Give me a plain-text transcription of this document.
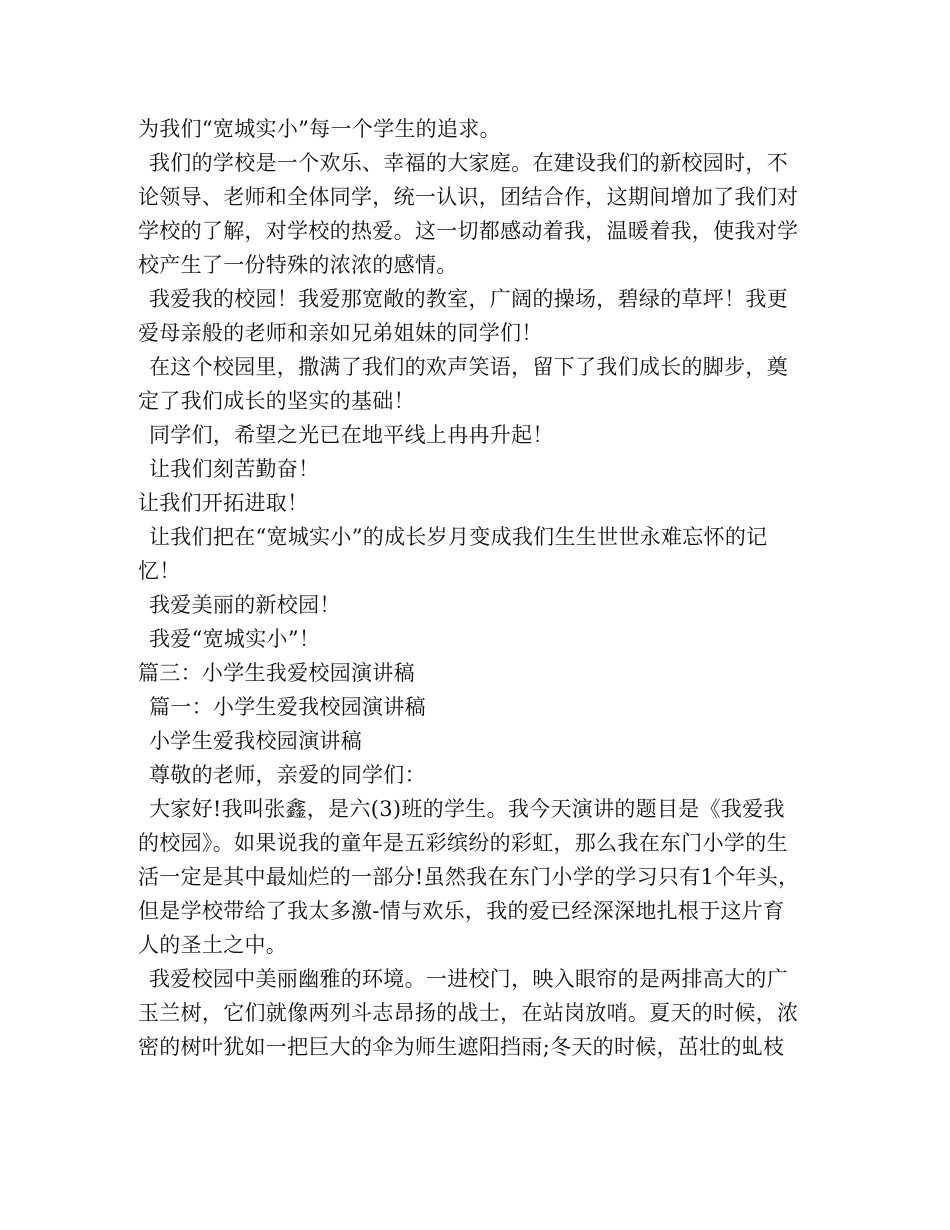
为我们“宽城实小”每一个学生的追求。
我们的学校是一个欢乐、幸福的大家庭。在建设我们的新校园时，不
论领导、老师和全体同学，统一认识，团结合作，这期间增加了我们对
学校的了解，对学校的热爱。这一切都感动着我，温暖着我，使我对学
校产生了一份特殊的浓浓的感情。
我爱我的校园！我爱那宽敞的教室，广阔的操场，碧绿的草坪！我更
爱母亲般的老师和亲如兄弟姐妹的同学们！
在这个校园里，撒满了我们的欢声笑语，留下了我们成长的脚步，奠
定了我们成长的坚实的基础！
同学们，希望之光已在地平线上冉冉升起！
让我们刻苦勤奋！
让我们开拓进取！
让我们把在“宽城实小”的成长岁月变成我们生生世世永难忘怀的记
忆！
我爱美丽的新校园！
我爱“宽城实小”！
篇三：小学生我爱校园演讲稿
篇一：小学生爱我校园演讲稿
小学生爱我校园演讲稿
尊敬的老师，亲爱的同学们：
大家好!我叫张鑫，是六(3)班的学生。我今天演讲的题目是《我爱我
的校园》。如果说我的童年是五彩缤纷的彩虹，那么我在东门小学的生
活一定是其中最灿烂的一部分!虽然我在东门小学的学习只有1个年头，
但是学校带给了我太多激-情与欢乐，我的爱已经深深地扎根于这片育
人的圣土之中。
我爱校园中美丽幽雅的环境。一进校门，映入眼帘的是两排高大的广
玉兰树，它们就像两列斗志昂扬的战士，在站岗放哨。夏天的时候，浓
密的树叶犹如一把巨大的伞为师生遮阳挡雨;冬天的时候，茁壮的虬枝
